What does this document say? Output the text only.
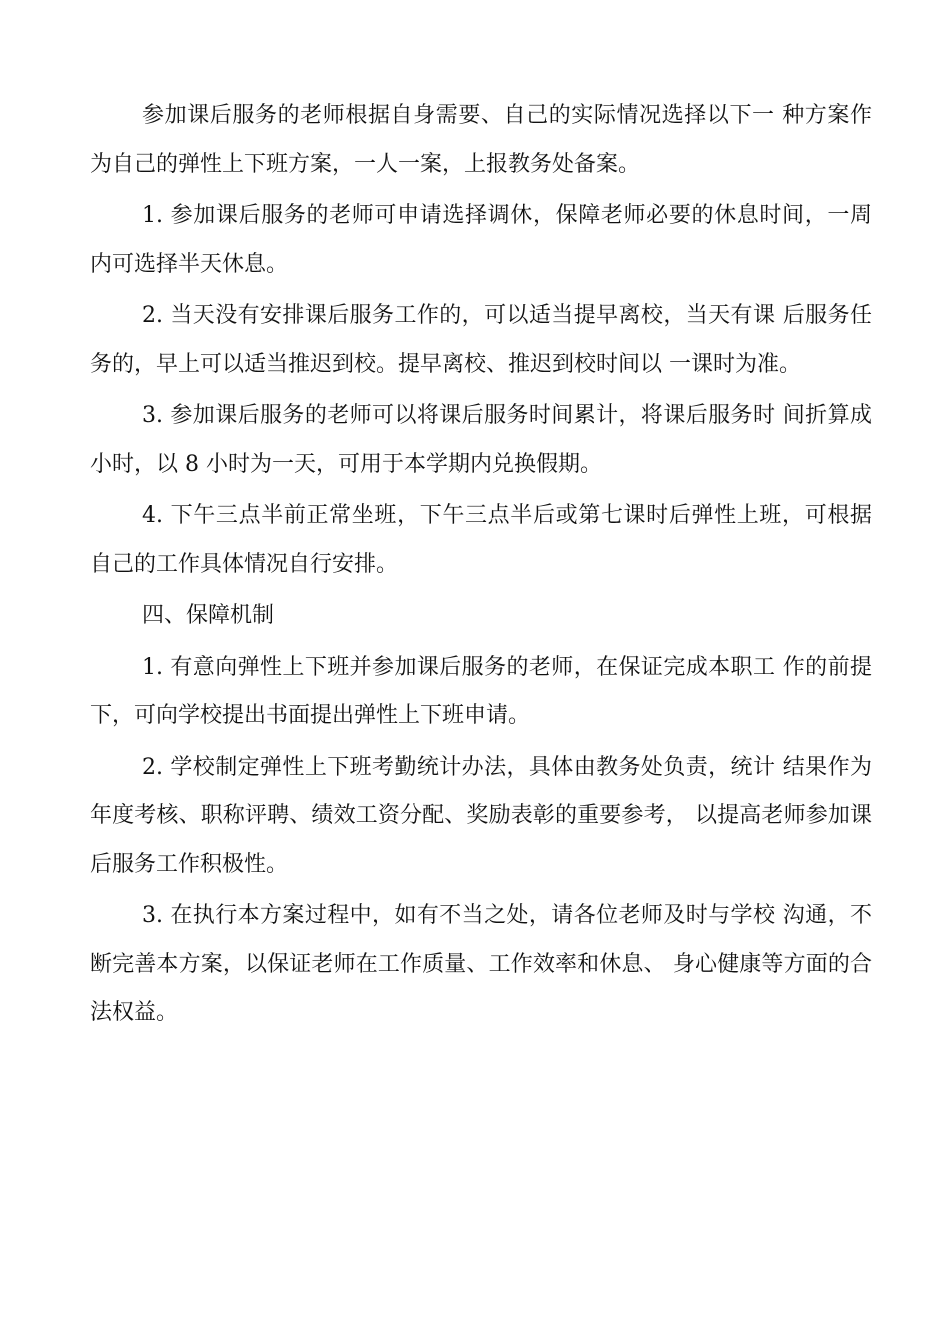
参加课后服务的老师根据自身需要、自己的实际情况选择以下一 种方案作为自己的弹性上下班方案，一人一案，上报教务处备案。

1. 参加课后服务的老师可申请选择调休，保障老师必要的休息时间，一周内可选择半天休息。

2. 当天没有安排课后服务工作的，可以适当提早离校，当天有课 后服务任务的，早上可以适当推迟到校。提早离校、推迟到校时间以 一课时为准。

3. 参加课后服务的老师可以将课后服务时间累计，将课后服务时 间折算成小时，以 8 小时为一天，可用于本学期内兑换假期。

4. 下午三点半前正常坐班，下午三点半后或第七课时后弹性上班，可根据自己的工作具体情况自行安排。

四、保障机制

1. 有意向弹性上下班并参加课后服务的老师，在保证完成本职工 作的前提下，可向学校提出书面提出弹性上下班申请。

2. 学校制定弹性上下班考勤统计办法，具体由教务处负责，统计 结果作为年度考核、职称评聘、绩效工资分配、奖励表彰的重要参考， 以提高老师参加课后服务工作积极性。

3. 在执行本方案过程中，如有不当之处，请各位老师及时与学校 沟通，不断完善本方案，以保证老师在工作质量、工作效率和休息、 身心健康等方面的合法权益。
